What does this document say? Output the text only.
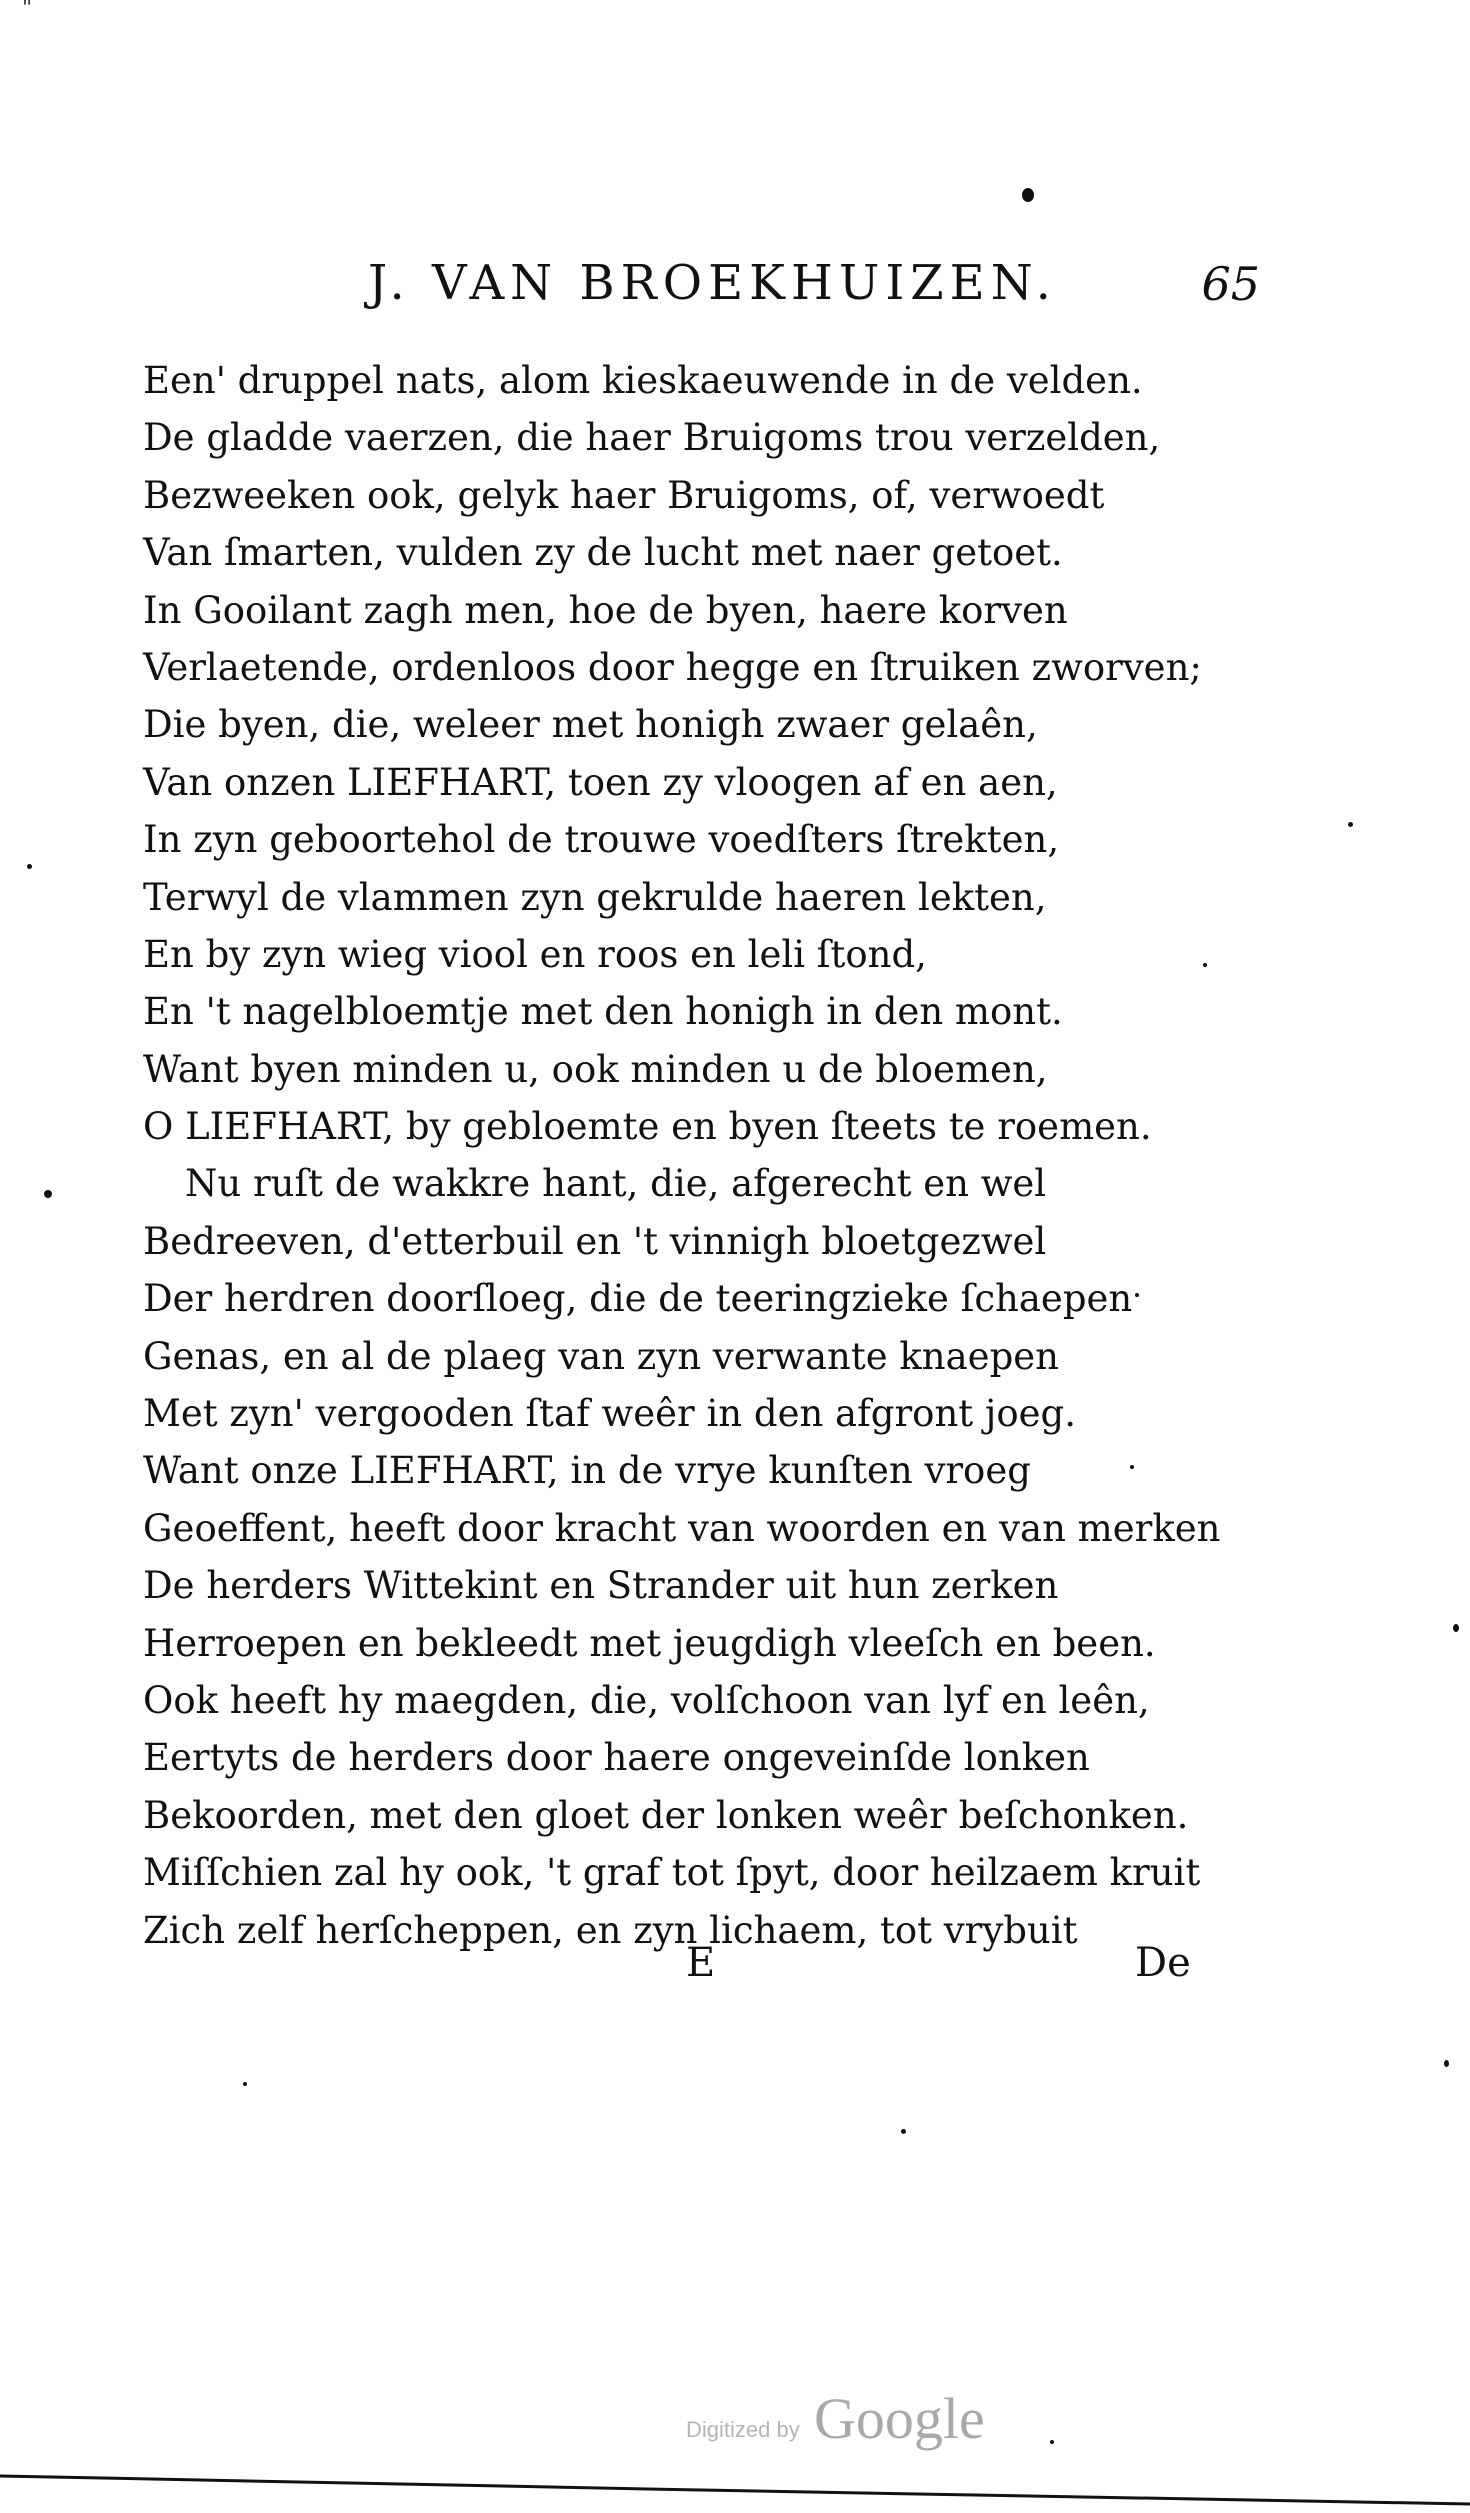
"
J. VAN BROEKHUIZEN.	65
Een' druppel nats, alom kieskaeuwende in de velden.
De gladde vaerzen, die haer Bruigoms trou verzelden,
Bezweeken ook, gelyk haer Bruigoms, of, verwoedt
Van ſmarten, vulden zy de lucht met naer getoet.
In Gooilant zagh men, hoe de byen, haere korven
Verlaetende, ordenloos door hegge en ſtruiken zworven;
Die byen, die, weleer met honigh zwaer gelaên,
Van onzen LIEFHART, toen zy vloogen af en aen,
In zyn geboortehol de trouwe voedſters ſtrekten,
Terwyl de vlammen zyn gekrulde haeren lekten,
En by zyn wieg viool en roos en leli ſtond,
En 't nagelbloemtje met den honigh in den mont.
Want byen minden u, ook minden u de bloemen,
O LIEFHART, by gebloemte en byen ſteets te roemen.
Nu ruſt de wakkre hant, die, afgerecht en wel
Bedreeven, d'etterbuil en 't vinnigh bloetgezwel
Der herdren doorſloeg, die de teeringzieke ſchaepen
Genas, en al de plaeg van zyn verwante knaepen
Met zyn' vergooden ſtaf weêr in den afgront joeg.
Want onze LIEFHART, in de vrye kunſten vroeg
Geoeffent, heeft door kracht van woorden en van merken
De herders Wittekint en Strander uit hun zerken
Herroepen en bekleedt met jeugdigh vleeſch en been.
Ook heeft hy maegden, die, volſchoon van lyf en leên,
Eertyts de herders door haere ongeveinſde lonken
Bekoorden, met den gloet der lonken weêr beſchonken.
Miſſchien zal hy ook, 't graf tot ſpyt, door heilzaem kruit
Zich zelf herſcheppen, en zyn lichaem, tot vrybuit
E	De
Digitized by Google
